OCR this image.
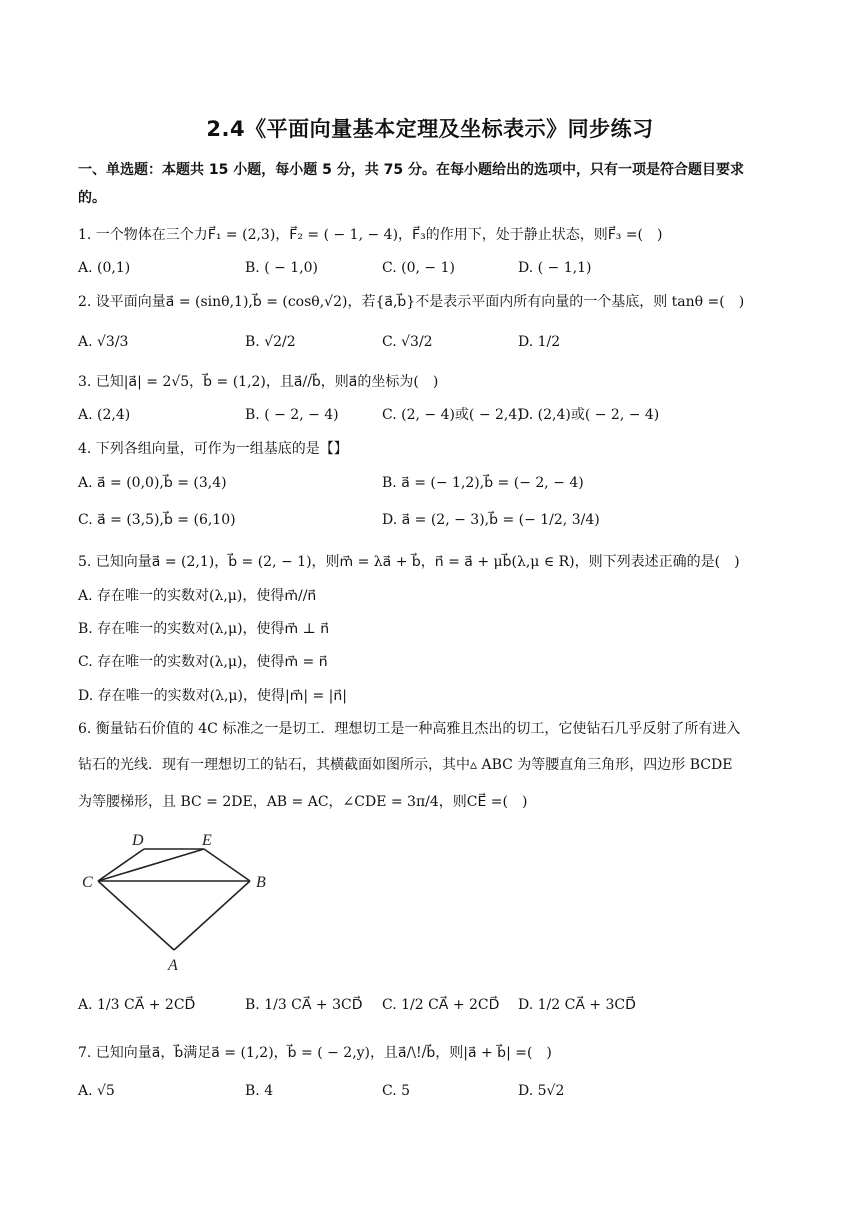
2.4《平面向量基本定理及坐标表示》同步练习
一、单选题：本题共 15 小题，每小题 5 分，共 75 分。在每小题给出的选项中，只有一项是符合题目要求
的。
1. 一个物体在三个力F⃗₁ = (2,3)，F⃗₂ = ( − 1, − 4)，F⃗₃的作用下，处于静止状态，则F⃗₃ =(　)
A. (0,1)	B. ( − 1,0)	C. (0, − 1)	D. ( − 1,1)
2. 设平面向量a⃗ = (sinθ,1),b⃗ = (cosθ,√2)，若{a⃗,b⃗}不是表示平面内所有向量的一个基底，则 tanθ =(　)
A. √3/3	B. √2/2	C. √3/2	D. 1/2
3. 已知|a⃗| = 2√5，b⃗ = (1,2)，且a⃗//b⃗，则a⃗的坐标为(　)
A. (2,4)	B. ( − 2, − 4)	C. (2, − 4)或( − 2,4)
D. (2,4)或( − 2, − 4)
4. 下列各组向量，可作为一组基底的是【】
A. a⃗ = (0,0),b⃗ = (3,4)	B. a⃗ = (− 1,2),b⃗ = (− 2, − 4)
C. a⃗ = (3,5),b⃗ = (6,10)	D. a⃗ = (2, − 3),b⃗ = (− 1/2, 3/4)
5. 已知向量a⃗ = (2,1)，b⃗ = (2, − 1)，则m⃗ = λa⃗ + b⃗，n⃗ = a⃗ + μb⃗(λ,μ ∈ R)，则下列表述正确的是(　)
A. 存在唯一的实数对(λ,μ)，使得m⃗//n⃗
B. 存在唯一的实数对(λ,μ)，使得m⃗ ⊥ n⃗
C. 存在唯一的实数对(λ,μ)，使得m⃗ = n⃗
D. 存在唯一的实数对(λ,μ)，使得|m⃗| = |n⃗|
6. 衡量钻石价值的 4C 标准之一是切工．理想切工是一种高雅且杰出的切工，它使钻石几乎反射了所有进入
钻石的光线．现有一理想切工的钻石，其横截面如图所示，其中▵ ABC 为等腰直角三角形，四边形 BCDE
为等腰梯形，且 BC = 2DE，AB = AC，∠CDE = 3π/4，则CE⃗ =(　)
D	E
C	B
A
A. 1/3 CA⃗ + 2CD⃗	B. 1/3 CA⃗ + 3CD⃗ C. 1/2 CA⃗ + 2CD⃗ D. 1/2 CA⃗ + 3CD⃗
7. 已知向量a⃗，b⃗满足a⃗ = (1,2)，b⃗ = ( − 2,y)，且a⃗/\!/b⃗，则|a⃗ + b⃗| =(　)
A. √5	B. 4	C. 5	D. 5√2
